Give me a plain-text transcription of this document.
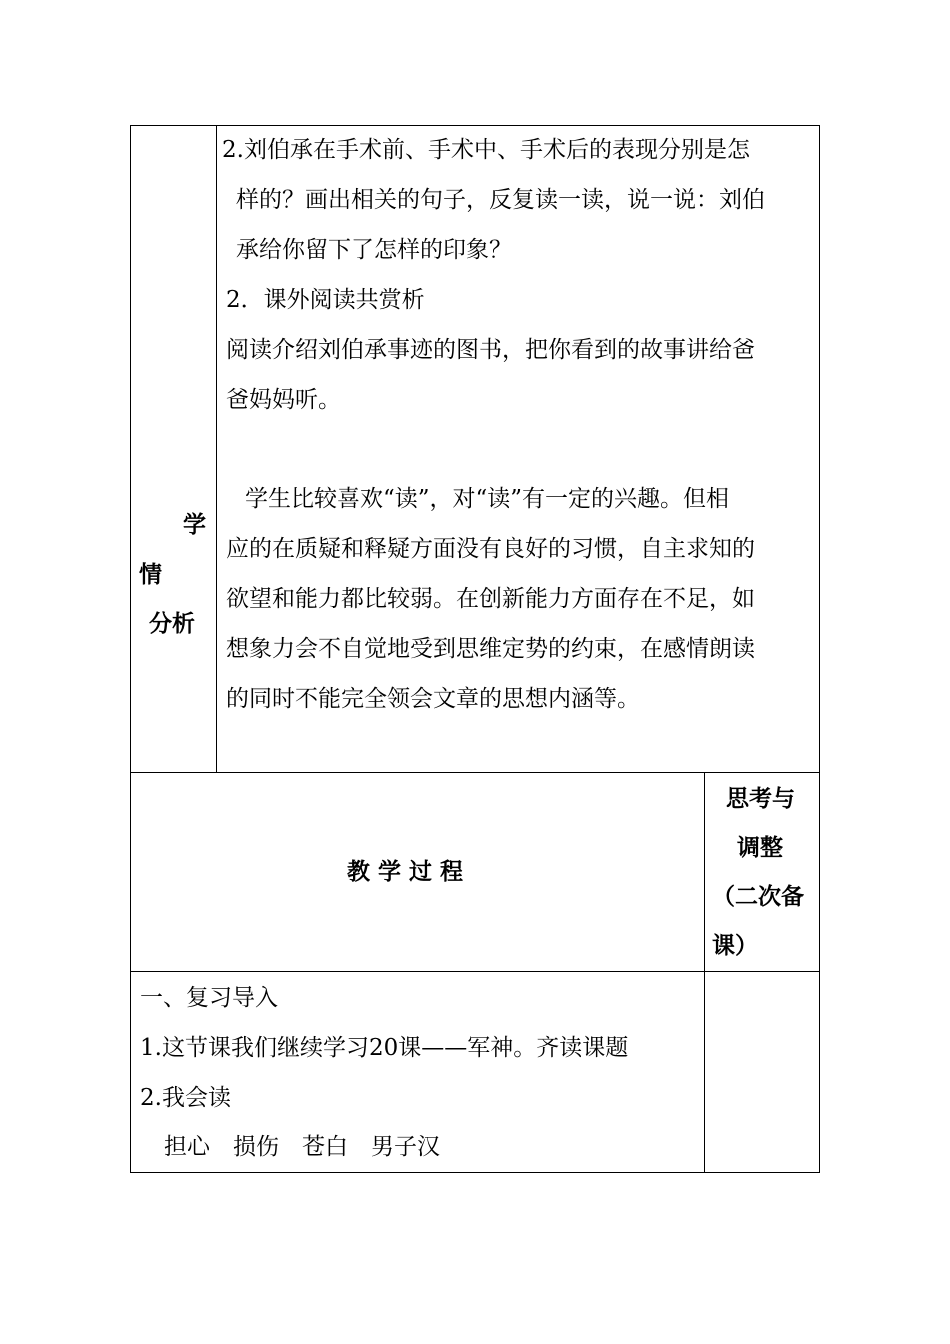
学
情
分析
2.刘伯承在手术前、手术中、手术后的表现分别是怎
样的？画出相关的句子，反复读一读，说一说：刘伯
承给你留下了怎样的印象？
2．课外阅读共赏析
阅读介绍刘伯承事迹的图书，把你看到的故事讲给爸
爸妈妈听。
学生比较喜欢“读”，对“读”有一定的兴趣。但相
应的在质疑和释疑方面没有良好的习惯，自主求知的
欲望和能力都比较弱。在创新能力方面存在不足，如
想象力会不自觉地受到思维定势的约束，在感情朗读
的同时不能完全领会文章的思想内涵等。
教 学 过 程
思考与
调整
（二次备
课）
一、复习导入
1.这节课我们继续学习20课——军神。齐读课题
2.我会读
担心　损伤　苍白　男子汉
